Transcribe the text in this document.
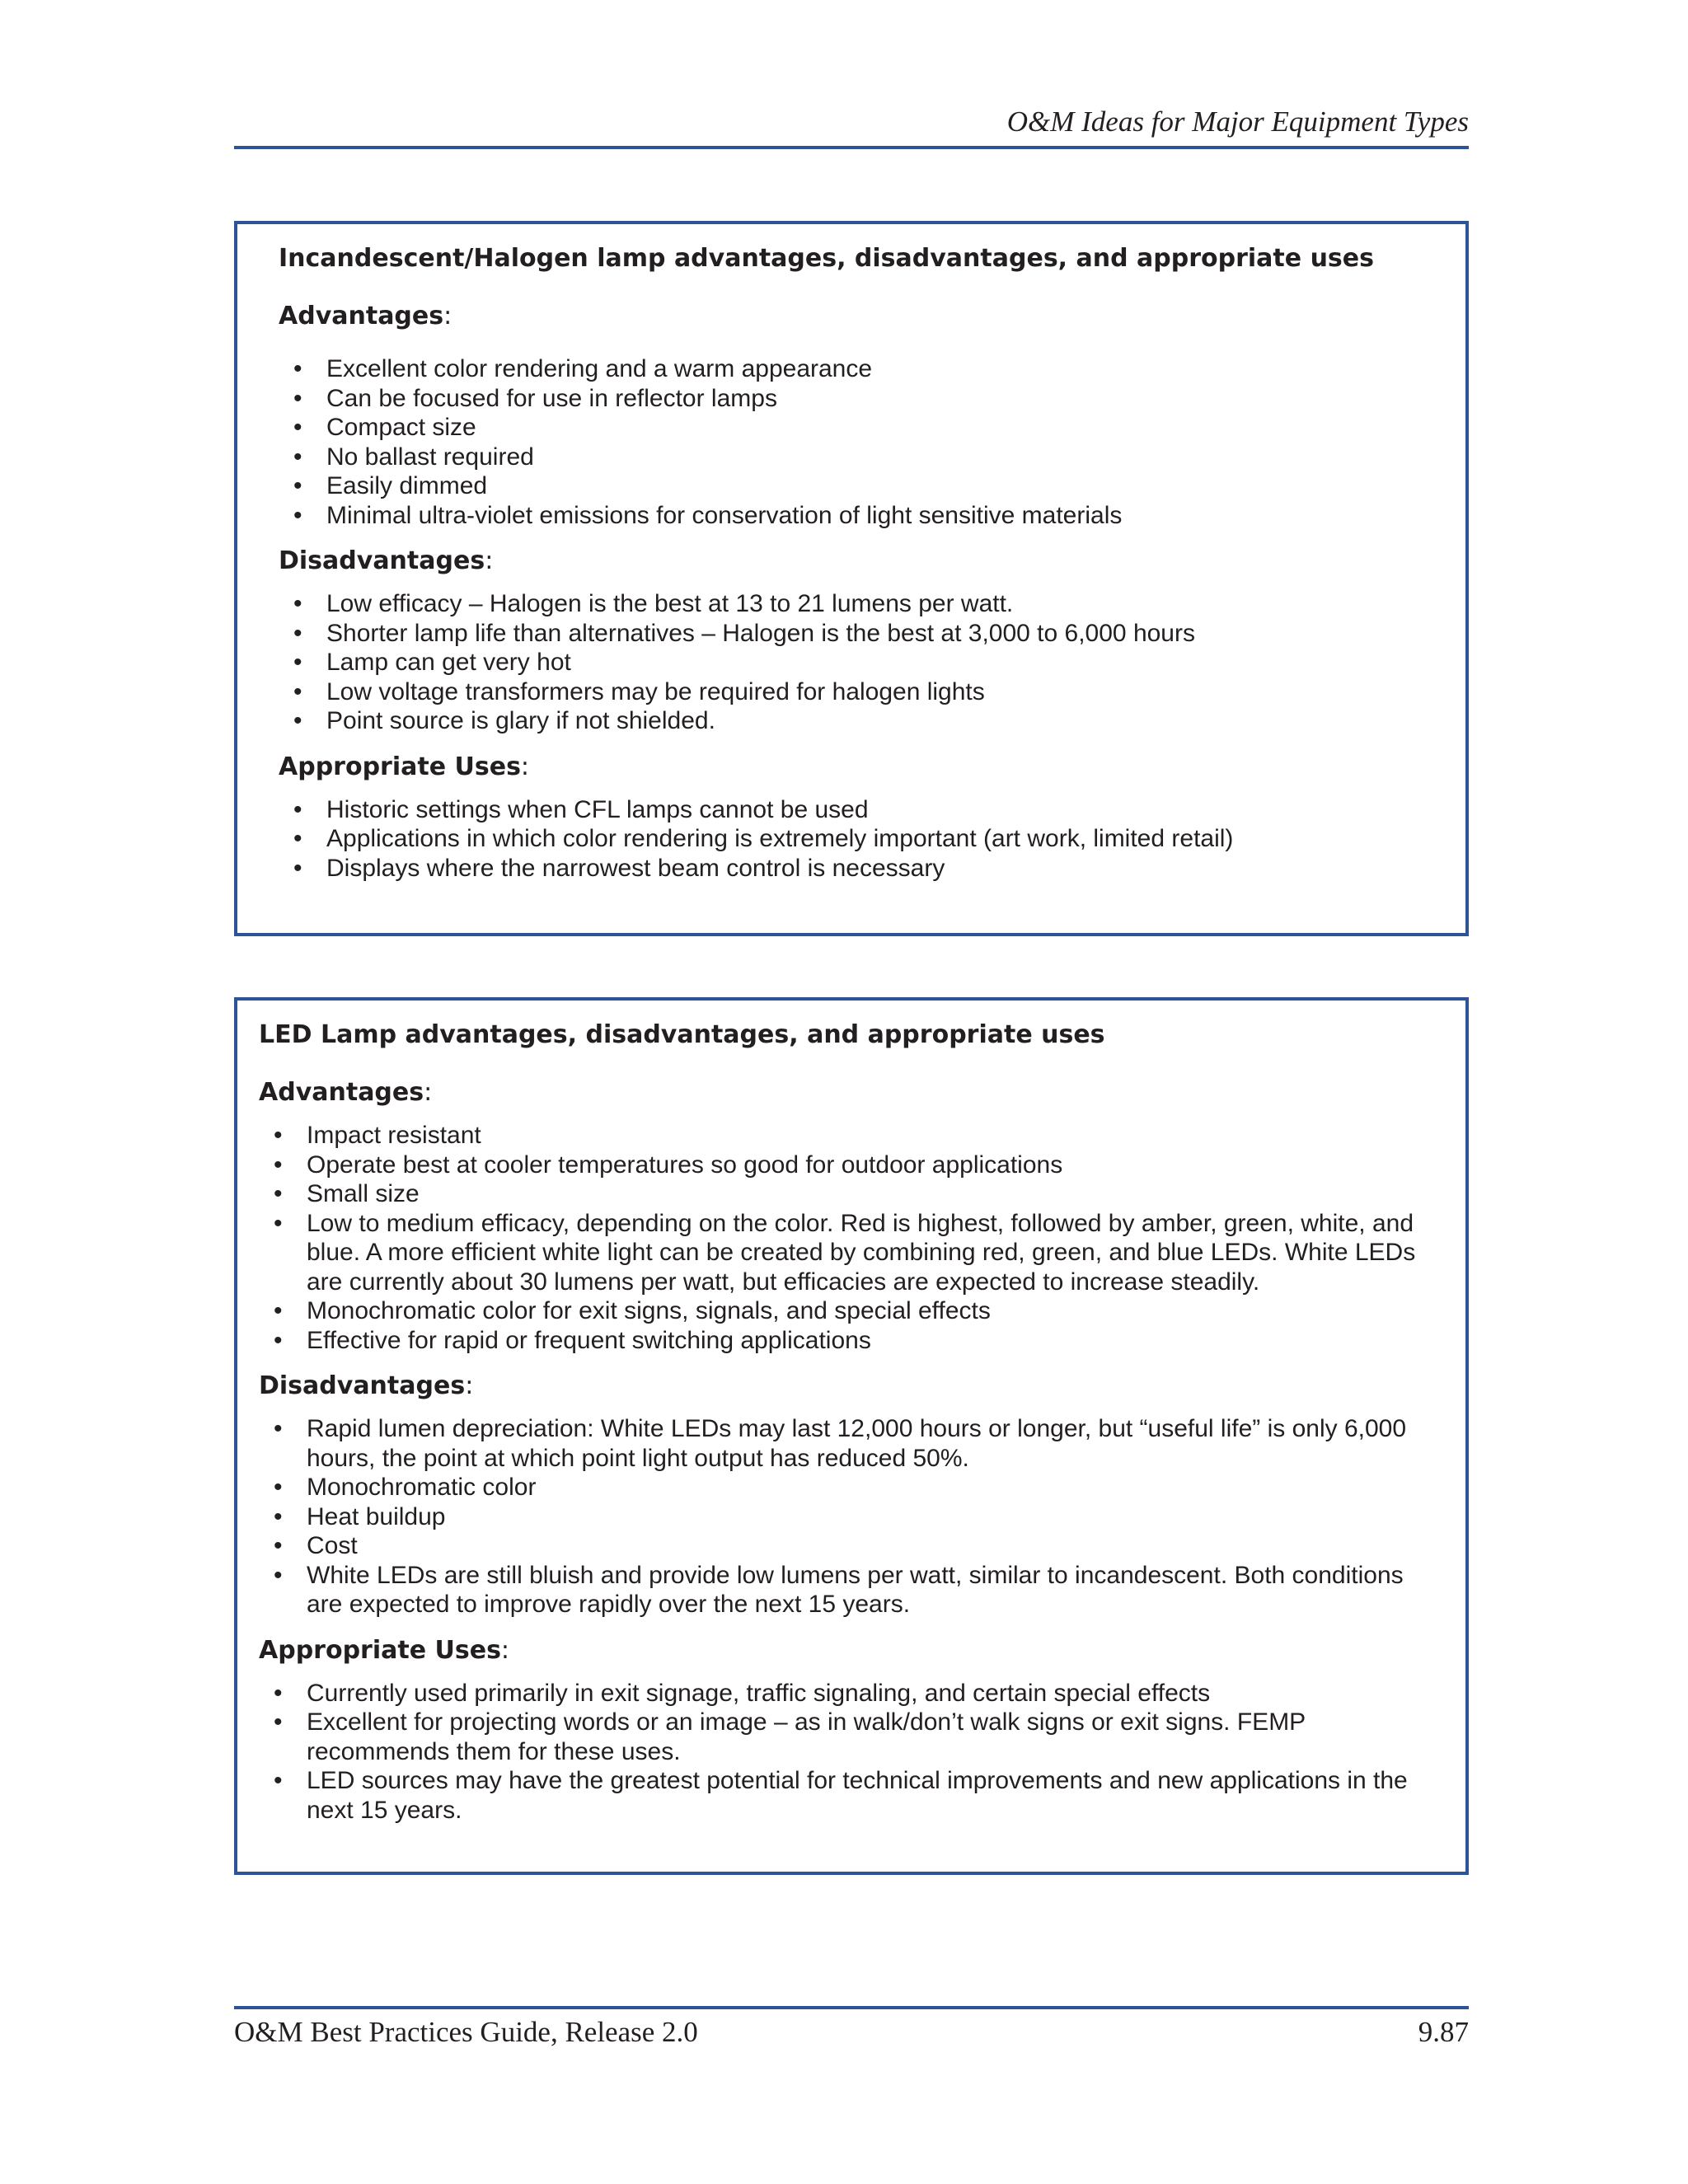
O&M Ideas for Major Equipment Types
Incandescent/Halogen lamp advantages, disadvantages, and appropriate uses
Advantages:
• Excellent color rendering and a warm appearance
• Can be focused for use in reflector lamps
• Compact size
• No ballast required
• Easily dimmed
• Minimal ultra-violet emissions for conservation of light sensitive materials
Disadvantages:
• Low efficacy – Halogen is the best at 13 to 21 lumens per watt.
• Shorter lamp life than alternatives – Halogen is the best at 3,000 to 6,000 hours
• Lamp can get very hot
• Low voltage transformers may be required for halogen lights
• Point source is glary if not shielded.
Appropriate Uses:
• Historic settings when CFL lamps cannot be used
• Applications in which color rendering is extremely important (art work, limited retail)
• Displays where the narrowest beam control is necessary
LED Lamp advantages, disadvantages, and appropriate uses
Advantages:
• Impact resistant
• Operate best at cooler temperatures so good for outdoor applications
• Small size
• Low to medium efficacy, depending on the color. Red is highest, followed by amber, green, white, and blue. A more efficient white light can be created by combining red, green, and blue LEDs. White LEDs are currently about 30 lumens per watt, but efficacies are expected to increase steadily.
• Monochromatic color for exit signs, signals, and special effects
• Effective for rapid or frequent switching applications
Disadvantages:
• Rapid lumen depreciation: White LEDs may last 12,000 hours or longer, but “useful life” is only 6,000 hours, the point at which point light output has reduced 50%.
• Monochromatic color
• Heat buildup
• Cost
• White LEDs are still bluish and provide low lumens per watt, similar to incandescent. Both conditions are expected to improve rapidly over the next 15 years.
Appropriate Uses:
• Currently used primarily in exit signage, traffic signaling, and certain special effects
• Excellent for projecting words or an image – as in walk/don’t walk signs or exit signs. FEMP recommends them for these uses.
• LED sources may have the greatest potential for technical improvements and new applications in the next 15 years.
O&M Best Practices Guide, Release 2.0	9.87
